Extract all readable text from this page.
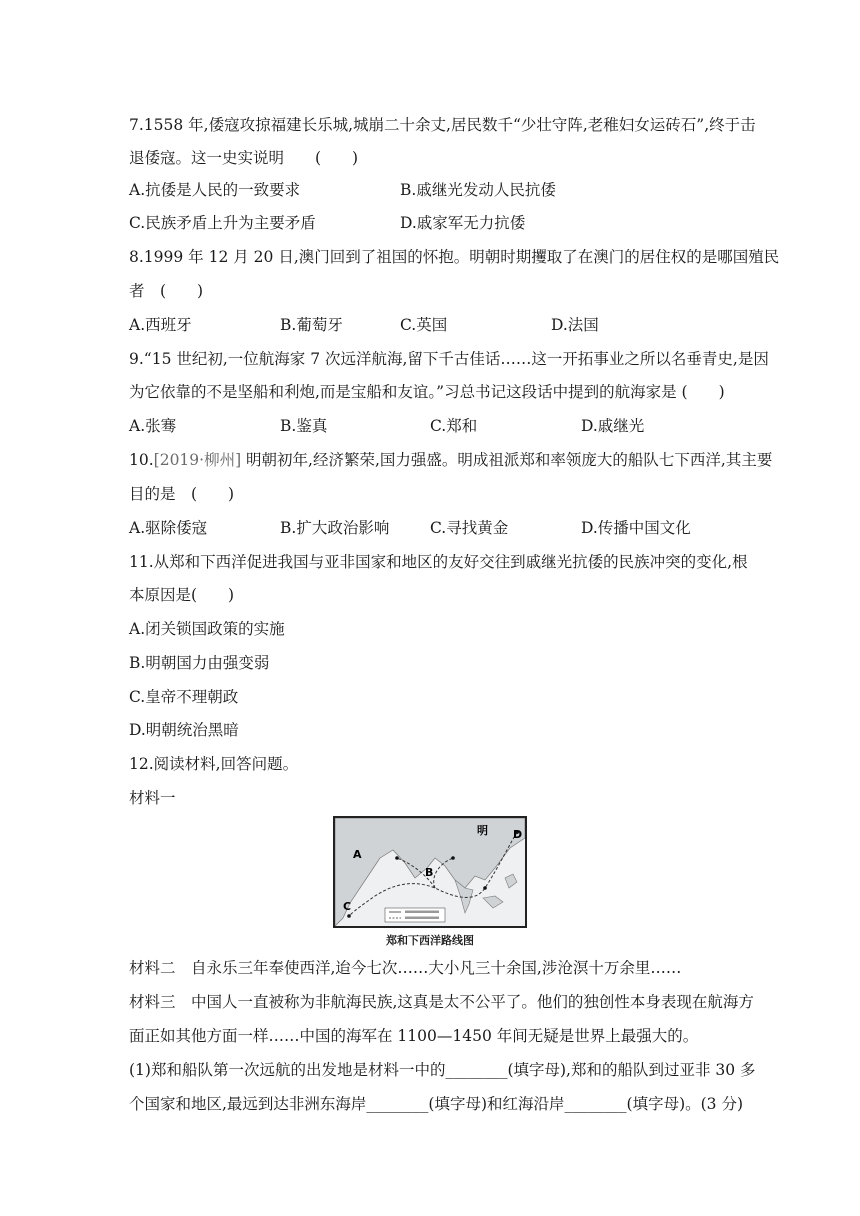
7.1558 年,倭寇攻掠福建长乐城,城崩二十余丈,居民数千“少壮守阵,老稚妇女运砖石”,终于击
退倭寇。这一史实说明　　(　　)
A.抗倭是人民的一致要求	B.戚继光发动人民抗倭
C.民族矛盾上升为主要矛盾	D.戚家军无力抗倭
8.1999 年 12 月 20 日,澳门回到了祖国的怀抱。明朝时期攫取了在澳门的居住权的是哪国殖民
者　(　　)
A.西班牙	B.葡萄牙	C.英国	D.法国
9.“15 世纪初,一位航海家 7 次远洋航海,留下千古佳话……这一开拓事业之所以名垂青史,是因
为它依靠的不是坚船和利炮,而是宝船和友谊。”习总书记这段话中提到的航海家是 (　　)
A.张骞	B.鉴真	C.郑和	D.戚继光
10.[2019·柳州] 明朝初年,经济繁荣,国力强盛。明成祖派郑和率领庞大的船队七下西洋,其主要
目的是　(　　)
A.驱除倭寇	B.扩大政治影响	C.寻找黄金	D.传播中国文化
11.从郑和下西洋促进我国与亚非国家和地区的友好交往到戚继光抗倭的民族冲突的变化,根
本原因是(　　)
A.闭关锁国政策的实施
B.明朝国力由强变弱
C.皇帝不理朝政
D.明朝统治黑暗
12.阅读材料,回答问题。
材料一
A
B
C
D
明
郑和下西洋路线图
材料二　自永乐三年奉使西洋,迨今七次……大小凡三十余国,涉沧溟十万余里……
材料三　中国人一直被称为非航海民族,这真是太不公平了。他们的独创性本身表现在航海方
面正如其他方面一样……中国的海军在 1100—1450 年间无疑是世界上最强大的。
(1)郑和船队第一次远航的出发地是材料一中的________(填字母),郑和的船队到过亚非 30 多
个国家和地区,最远到达非洲东海岸________(填字母)和红海沿岸________(填字母)。(3 分)
